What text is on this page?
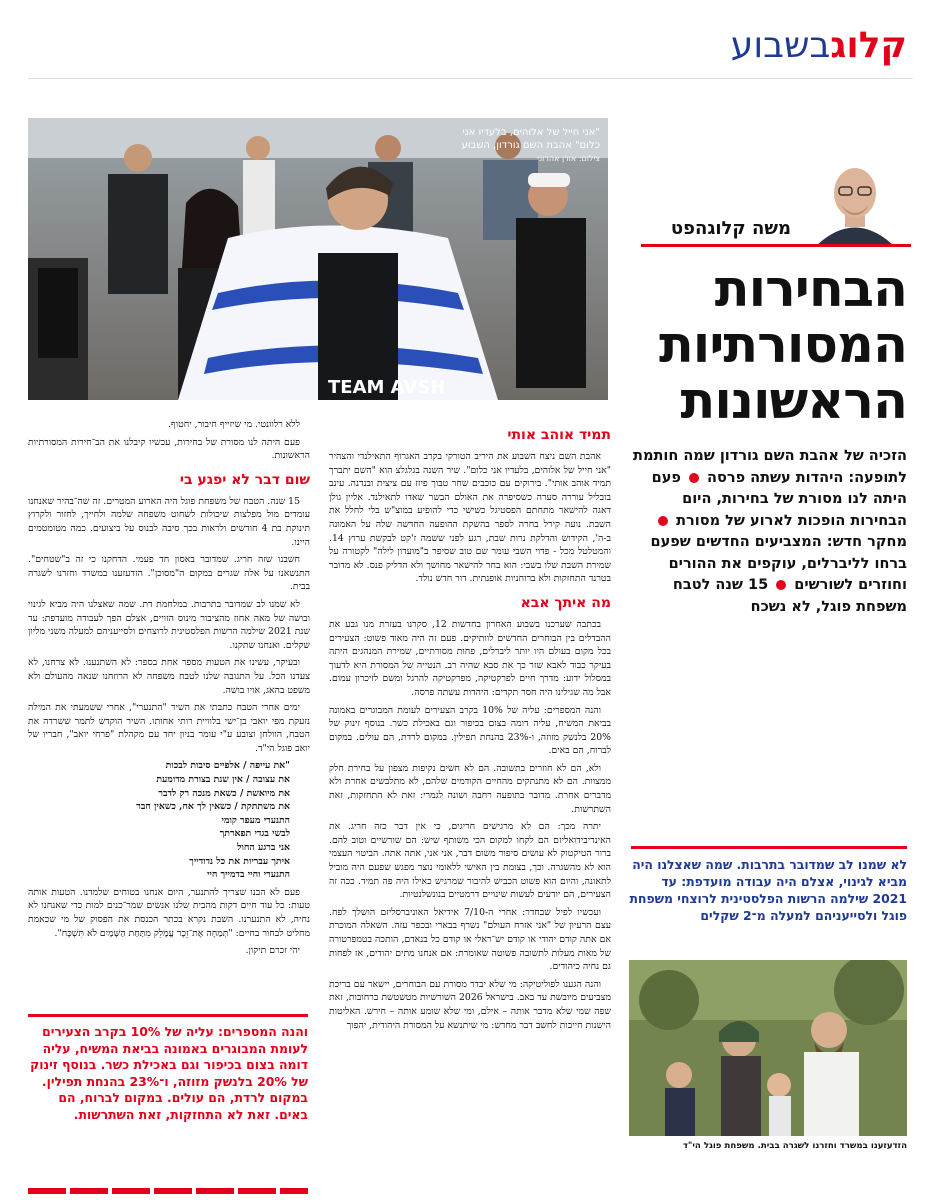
קלוגבשבוע
TEAM AVSH
"אני חייל של אלוהים, בלעדיו אני כלום" אהבת השם גורדון, השבוע
צילום: אורן אהרוני
משה קלוגהפט
הבחירות
המסורתיות
הראשונות
הזכיה של אהבת השם גורדון שמה חותמת לתופעה: היהדות עשתה פרסה  פעם היתה לנו מסורת של בחירות, היום הבחירות הופכות לארוע של מסורת  מחקר חדש: המצביעים החדשים שפעם ברחו לליברלים, עוקפים את ההורים וחוזרים לשורשים  15 שנה לטבח משפחת פוגל, לא נשכח
תמיד אוהב אותי

אהבת השם ניצח השבוע את היריב הטורקי בקרב האגרוף התאילנדי והצהיר "אני חייל של אלוהים, בלעדיו אני כלום". שיר השנה בגלגלצ הוא "השם יתברך תמיד אוהב אותי". בירוקים עם כוכבים שחר טבוך פיזז עם ציצית ובנדנה. עינב בובליל עוררה סערה כשסיפרה את האולם הבשר שאדו לתאילנד. אליין גולן דאגה להישאר מתחתם הפסטיגל כשישי כדי להופיע במוצ"ש בלי לחלל את השבת. נועה קירל בחרה לספר בהשקת ההופעה החדשה שלה על האמונה ב-ה', הקידוש והדלקת נרות שבת, רגע לפני ששמה ז'קט לבקשת ערוץ 14. והמטלטל מכל - פדוי השבי עומר שם טוב שסיפר ב"מועדון לילה" לקטורה על שמירת השבת שלו בשבי: הוא בחר להישאר מחושך ולא הדליק פנס. לא מדובר בטרנד התחזקות ולא ברוחניות אופנתית. דור חדש נולד.

מה איתך אבא

בכתבה שערכנו בשבוע האחרון בחדשות 12, סקרנו בעזרת מנו גבע את ההבדלים בין הבוחרים החדשים לוותיקים. פעם זה היה מאוד פשוט: הצעירים בכל מקום בעולם היו יותר ליברלים, פחות מסורתיים, שמירת המנהגים היתה בעיקר כבוד לאבא שזר כך את סבא שהיה רב. הנטייה של המסורת היא לדעוך במסלול ידוע: מדרך חיים לפרקטיקה, מפרקטיקה להרגל ומשם לזיכרון עמום. אבל מה שגילינו היה חסר תקדים: היהדות עשתה פרסה.

והנה המספרים: עליה של 10% בקרב הצעירים לעומת המבוגרים באמונה בביאת המשיח, עליה דומה בצום בכיפור וגם באכילת כשר. בנוסף זינוק של 20% בלנשק מזוזה, ו-23% בהנחת תפילין. במקום לרדת, הם עולים. במקום לברוח, הם באים.

ולא, הם לא חוזרים בתשובה. הם לא חשים נקיפות מצפון על בחירת חלק ממצוות. הם לא מתנתקים מהחיים הקודמים שלהם, לא מתלבשים אחרת ולא מדברים אחרת. מדובר בתופעה רחבה ושונה לגמרי: זאת לא התחזקות, זאת השתרשות.

יתרה מכך: הם לא מרגישים חריגים, כי אין דבר כזה חריג. את האינדיבידואליזם הם לקחו למקום הכי משותף שיש: הם שורשיים וטוב להם. ברור הטיקטוק לא עושים סיפור משום דבר, אני אני, אתה אתה. הביטוי העצמי הוא לא מהשגרה. וכך, בצומת בין האישי ללאומי נוצר מפגש שפעם היה מוביל לתאונה, והיום הוא פשוט הכביש להיבור שמרגיש כאילו היה פה תמיד. ככה זה הצעירים, הם יודעים לעשות שינויים דרמטיים בנונשלנטיות.

ועכשיו לפיל שבחדר: אחרי ה-7/10 אידיאל האוניברסליזם הושלך לפח. עצם הרעיון של "אני אזרח העולם" נשרף בבארי ובכפר עזה. השאלה המוכרת אם אתה קודם יהודי או קודם יש־ראלי או קודם כל בנאדם, הותכה בטמפרטורה של מאות מעלות לתשובה פשוטה שאומרת: אם אנחנו מתים יהודים, אז לפחות גם נחיה כיהודים.

והנה הגענו לפוליטיקה: מי שלא יבדר מסורת עם הבוחרים, יישאר עם בריכת מצביעים מיובשת עד באב. בישראל 2026 השורשיות מטשטשת ברחובות, זאת שפה שמי שלא מדבר אותה – אילם, ומי שלא שומע אותה – חירש. האליטות הישנות חייבות לחשב דבר מחדש: מי שיתנשא על המסורת היהודית, יהפוך

ללא רלוונטי. מי שיזייף חיבור, יחטוף.

פעם היתה לנו מסורת של בחירות, עכשיו קיבלנו את הב־חירות המסורתיות הראשונות.

שום דבר לא יפגע בי

15 שנה. הטבח של משפחת פוגל היה הארוע המטרים. זה שה־בהיר שאנחנו עומדים מול מפלצות שיכולות לשחוט משפחה שלמה ולחייך, לחזור ולקרוץ תינוקת בת 4 חודשים ולראות בכך סיבה לבנוס על ביצועים. כמה מטומטמים היינו.

חשבנו שזה חריג. שמדובר באסון חד פעמי. הדחקנו כי זה ב"שטחים". התנשאנו על אלה שגרים במקום ה"מסוכן". הזדעזענו במשרד וחזרנו לשגרה בבית.

לא שמנו לב שמדובר בתרבות. במלחמת דת. שמה שאצלנו היה מביא לגינוי ובושה של מאה אחוז מהציבור מינוס הזויים, אצלם הפך לעבודה מועדפת: עד שנת 2021 שילמה הרשות הפלסטינית לרוצחים ולסייעניהם למעלה משני מליון שקלים. ואנחנו שתקנו.

ובעיקר, עשינו את הטעות מספר אחת בספר: לא השתנענו. לא צרחנו, לא צעדנו הכל. על התגובה שלנו לטבח משפחה לא הרוזחנו שנאה מהעולם ולא משפט בהאג, אויו בושה.

ימים אחרי הטבח כתבתי את השיר "התנערי", אחרי ששמעתי את המילה נזעקת מפי יואבי בן־ישי בלוויית רותי אחותו. השיר הוקדש לתמר ששרדה את הטבח, הוולחן וצובע ע"י עומר בניון יחד עם מקהלת "פרחי יואב", חבריו של יואב פוגל הי"ד.

"את עייפה / אלפיים סיבות לבכות
את עצובה / אין שנת בצורת מדומעת
את מיואשת / כשאת מנכה רק לדבר
את משתתקת / כשאין לך אח, כשאין חבר
התנערי מעפר קומי
לבשי בגדי תפארתך
אני ברגע החול
איתך עבריות את כל נדודייך
התנערי וחיי בדמייך חיי

פעם לא הבנו שצריך להתנער, היום אנחנו בטוחים שלמדנו. הטעות אותה טעות: כל עוד חיים דקות מהבית שלנו אנשים שמר־כנים למות כדי שאנחנו לא נחיה, לא התנערנו. השבת נקרא בכתר הכנסת את הפסוק של מי שכאמת מחליט לבחור בחיים: "תְּמַחֶה אֶת־זֵכֶר עֲמָלֵק מִתַּחַת הַשָּׁמָיִם לֹא תִּשְׁכָּח".

יהי זכרם תיקון.

לא שמנו לב שמדובר בתרבות. שמה שאצלנו היה מביא לגינוי, אצלם היה עבודה מועדפת: עד 2021 שילמה הרשות הפלסטינית לרוצחי משפחת פוגל ולסייעניהם למעלה מ־2 שקלים
הזדעזענו במשרד וחזרנו לשגרה בבית. משפחת פוגל הי"ד
והנה המספרים: עליה של 10% בקרב הצעירים לעומת המבוגרים באמונה בביאת המשיח, עליה דומה בצום בכיפור וגם באכילת כשר. בנוסף זינוק של 20% בלנשק מזוזה, ו־23% בהנחת תפילין. במקום לרדת, הם עולים. במקום לברוח, הם באים. זאת לא התחזקות, זאת השתרשות.
